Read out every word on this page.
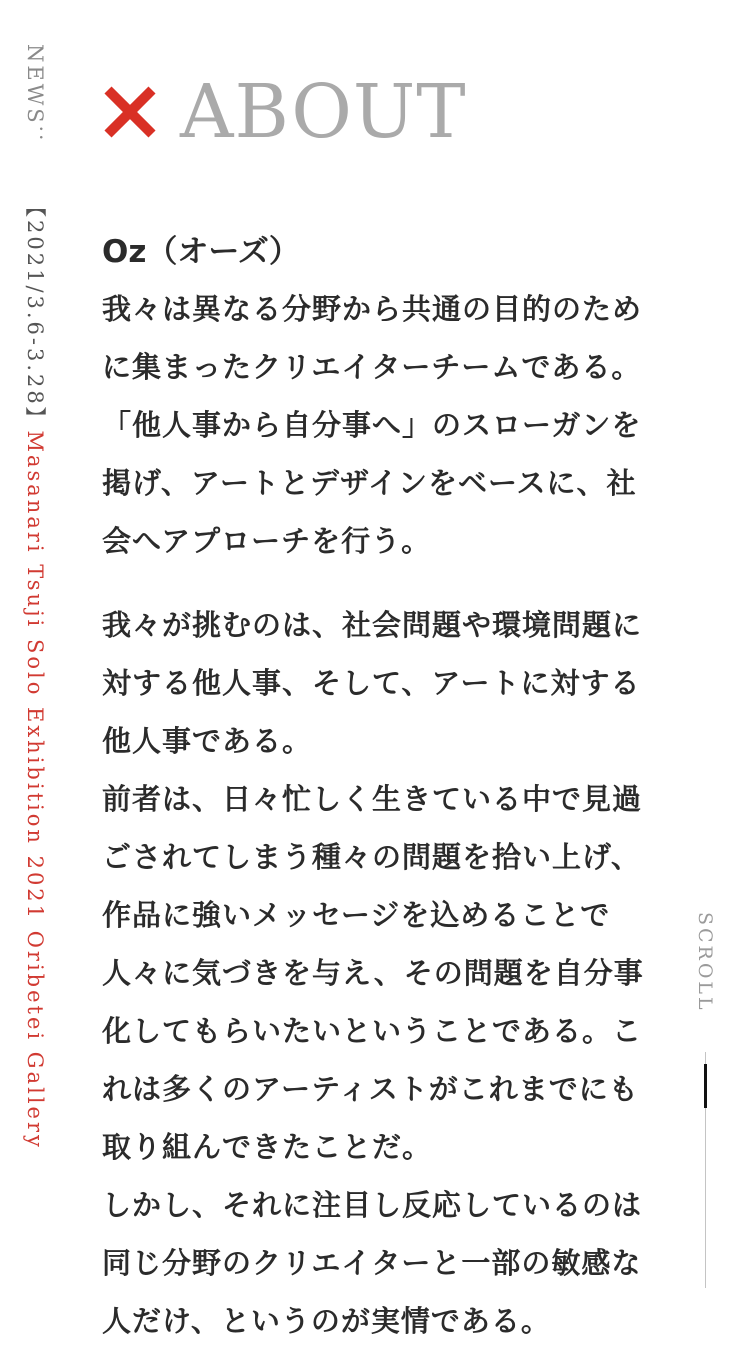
NEWS：【2021/3.6-3.28】Masanari Tsuji Solo Exhibition 2021 Oribetei Gallery
ABOUT
Oz（オーズ）

我々は異なる分野から共通の目的のために集まったクリエイターチームである。「他人事から自分事へ」のスローガンを掲げ、アートとデザインをベースに、社会へアプローチを行う。

我々が挑むのは、社会問題や環境問題に対する他人事、そして、アートに対する他人事である。

前者は、日々忙しく生きている中で見過ごされてしまう種々の問題を拾い上げ、作品に強いメッセージを込めることで人々に気づきを与え、その問題を自分事化してもらいたいということである。これは多くのアーティストがこれまでにも取り組んできたことだ。

しかし、それに注目し反応しているのは同じ分野のクリエイターと一部の敏感な人だけ、というのが実情である。

SCROLL
